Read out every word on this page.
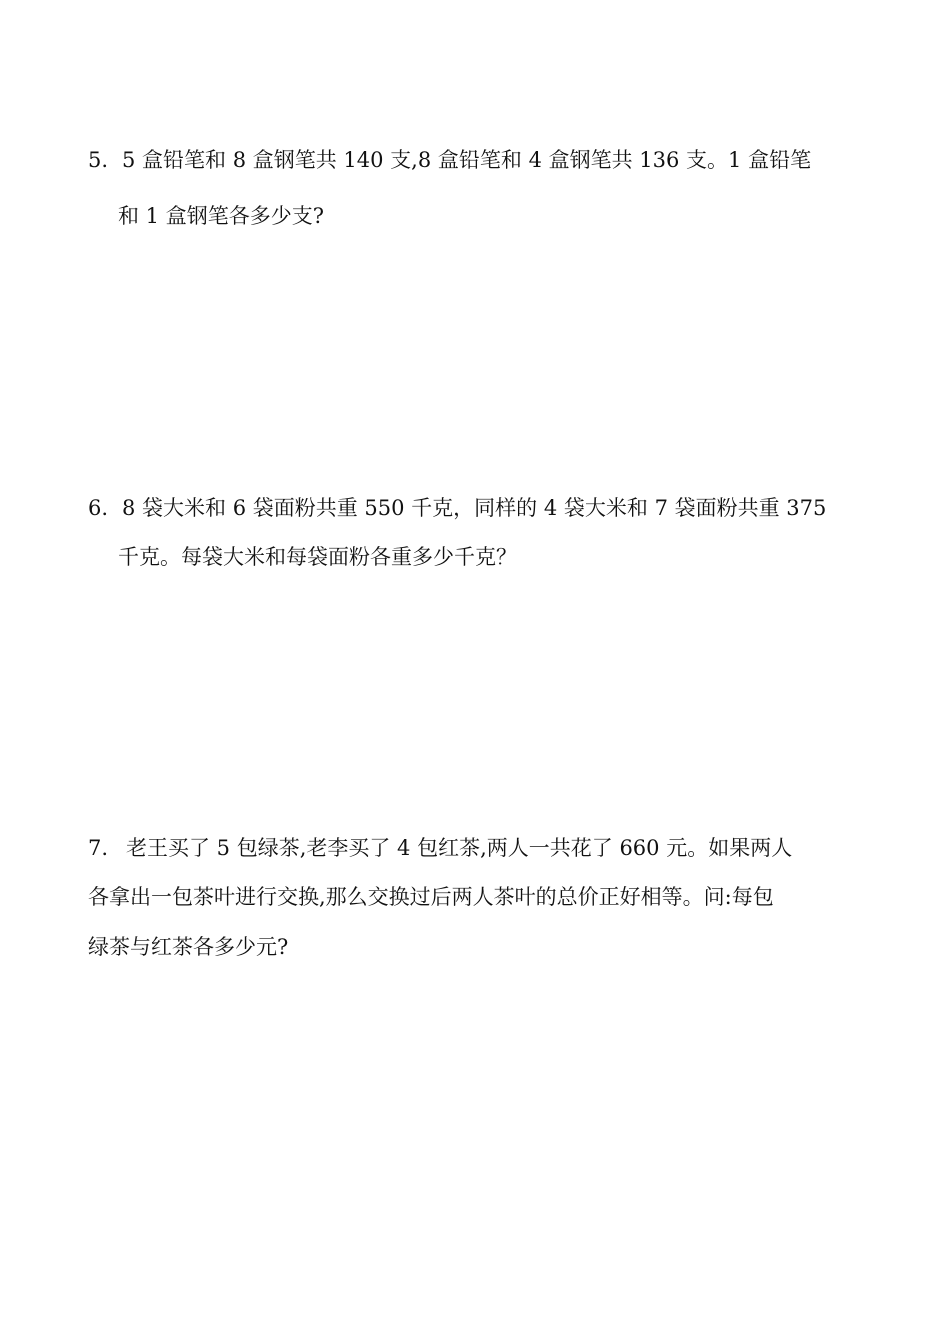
5. 5 盒铅笔和 8 盒钢笔共 140 支,8 盒铅笔和 4 盒钢笔共 136 支。1 盒铅笔
和 1 盒钢笔各多少支?
6. 8 袋大米和 6 袋面粉共重 550 千克，同样的 4 袋大米和 7 袋面粉共重 375
千克。每袋大米和每袋面粉各重多少千克？
7. 老王买了 5 包绿茶,老李买了 4 包红茶,两人一共花了 660 元。如果两人
各拿出一包茶叶进行交换,那么交换过后两人茶叶的总价正好相等。问:每包
绿茶与红茶各多少元?
